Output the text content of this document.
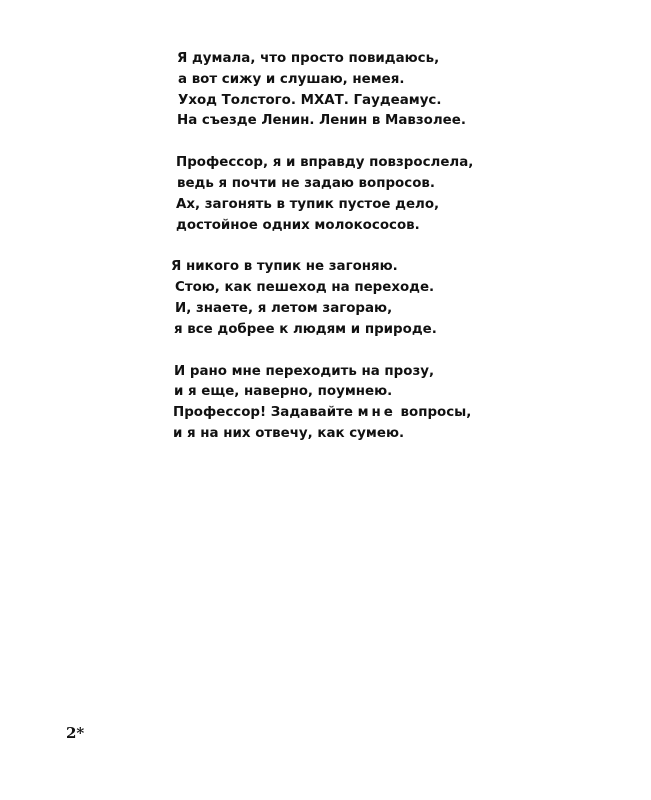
Я думала, что просто повидаюсь,
а вот сижу и слушаю, немея.
Уход Толстого. МХАТ. Гаудеамус.
На съезде Ленин. Ленин в Мавзолее.
Профессор, я и вправду повзрослела,
ведь я почти не задаю вопросов.
Ах, загонять в тупик пустое дело,
достойное одних молокососов.
Я никого в тупик не загоняю.
Стою, как пешеход на переходе.
И, знаете, я летом загораю,
я все добрее к людям и природе.
И рано мне переходить на прозу,
и я еще, наверно, поумнею.
Профессор! Задавайте мне вопросы,
и я на них отвечу, как сумею.
2*
